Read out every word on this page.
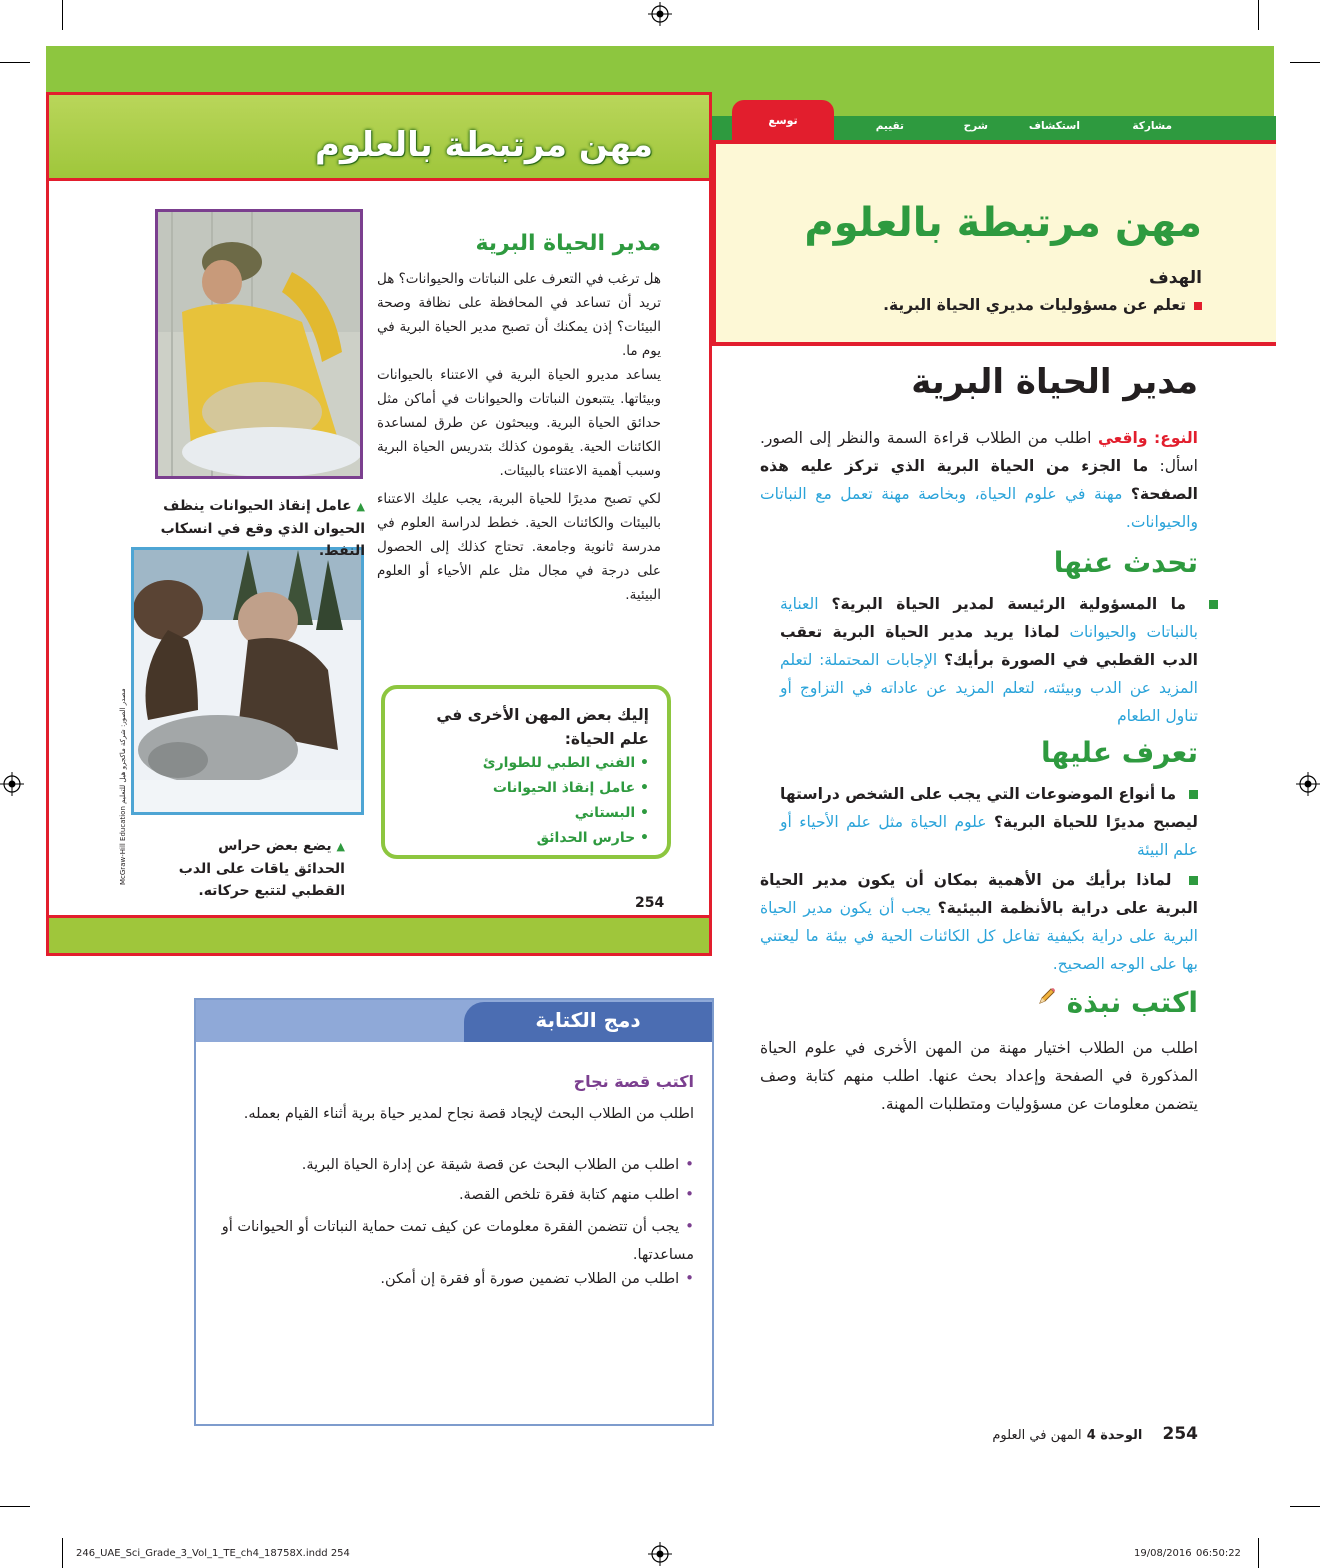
مهن مرتبطة بالعلوم
مدير الحياة البرية
هل ترغب في التعرف على النباتات والحيوانات؟ هل تريد أن تساعد في المحافظة على نظافة وصحة البيئات؟ إذن يمكنك أن تصبح مدير الحياة البرية في يوم ما.
يساعد مديرو الحياة البرية في الاعتناء بالحيوانات وبيئاتها. يتتبعون النباتات والحيوانات في أماكن مثل حدائق الحياة البرية. ويبحثون عن طرق لمساعدة الكائنات الحية. يقومون كذلك بتدريس الحياة البرية وسبب أهمية الاعتناء بالبيئات.
لكي تصبح مديرًا للحياة البرية، يجب عليك الاعتناء بالبيئات والكائنات الحية. خطط لدراسة العلوم في مدرسة ثانوية وجامعة. تحتاج كذلك إلى الحصول على درجة في مجال مثل علم الأحياء أو العلوم البيئية.
McGraw-Hill Education مصدر الصور: شركة ماكجرو هيل للتعليم
▲ عامل إنقاذ الحيوانات ينظف الحيوان الذي وقع في انسكاب النفط.
▲ يضع بعض حراس الحدائق ياقات على الدب القطبي لتتبع حركاته.
إليك بعض المهن الأخرى في علم الحياة:
• الفني الطبي للطوارئ
• عامل إنقاذ الحيوانات
• البستاني
• حارس الحدائق
254
مشاركة
استكشاف
شرح
تقييم
توسع
مهن مرتبطة بالعلوم
الهدف
تعلم عن مسؤوليات مديري الحياة البرية.
مدير الحياة البرية
النوع: واقعي اطلب من الطلاب قراءة السمة والنظر إلى الصور. اسأل: ما الجزء من الحياة البرية الذي تركز عليه هذه الصفحة؟ مهنة في علوم الحياة، وبخاصة مهنة تعمل مع النباتات والحيوانات.
تحدث عنها
ما المسؤولية الرئيسة لمدير الحياة البرية؟ العناية بالنباتات والحيوانات لماذا يريد مدير الحياة البرية تعقب الدب القطبي في الصورة برأيك؟ الإجابات المحتملة: لتعلم المزيد عن الدب وبيئته، لتعلم المزيد عن عاداته في التزاوج أو تناول الطعام
تعرف عليها
ما أنواع الموضوعات التي يجب على الشخص دراستها ليصبح مديرًا للحياة البرية؟ علوم الحياة مثل علم الأحياء أو علم البيئة
لماذا برأيك من الأهمية بمكان أن يكون مدير الحياة البرية على دراية بالأنظمة البيئية؟ يجب أن يكون مدير الحياة البرية على دراية بكيفية تفاعل كل الكائنات الحية في بيئة ما ليعتني بها على الوجه الصحيح.
اكتب نبذة
اطلب من الطلاب اختيار مهنة من المهن الأخرى في علوم الحياة المذكورة في الصفحة وإعداد بحث عنها. اطلب منهم كتابة وصف يتضمن معلومات عن مسؤوليات ومتطلبات المهنة.
دمج الكتابة
اكتب قصة نجاح
اطلب من الطلاب البحث لإيجاد قصة نجاح لمدير حياة برية أثناء القيام بعمله.
•اطلب من الطلاب البحث عن قصة شيقة عن إدارة الحياة البرية.
•اطلب منهم كتابة فقرة تلخص القصة.
•يجب أن تتضمن الفقرة معلومات عن كيف تمت حماية النباتات أو الحيوانات أو مساعدتها.
•اطلب من الطلاب تضمين صورة أو فقرة إن أمكن.
254  الوحدة 4 المهن في العلوم
246_UAE_Sci_Grade_3_Vol_1_TE_ch4_18758X.indd 254	19/08/2016 06:50:22
